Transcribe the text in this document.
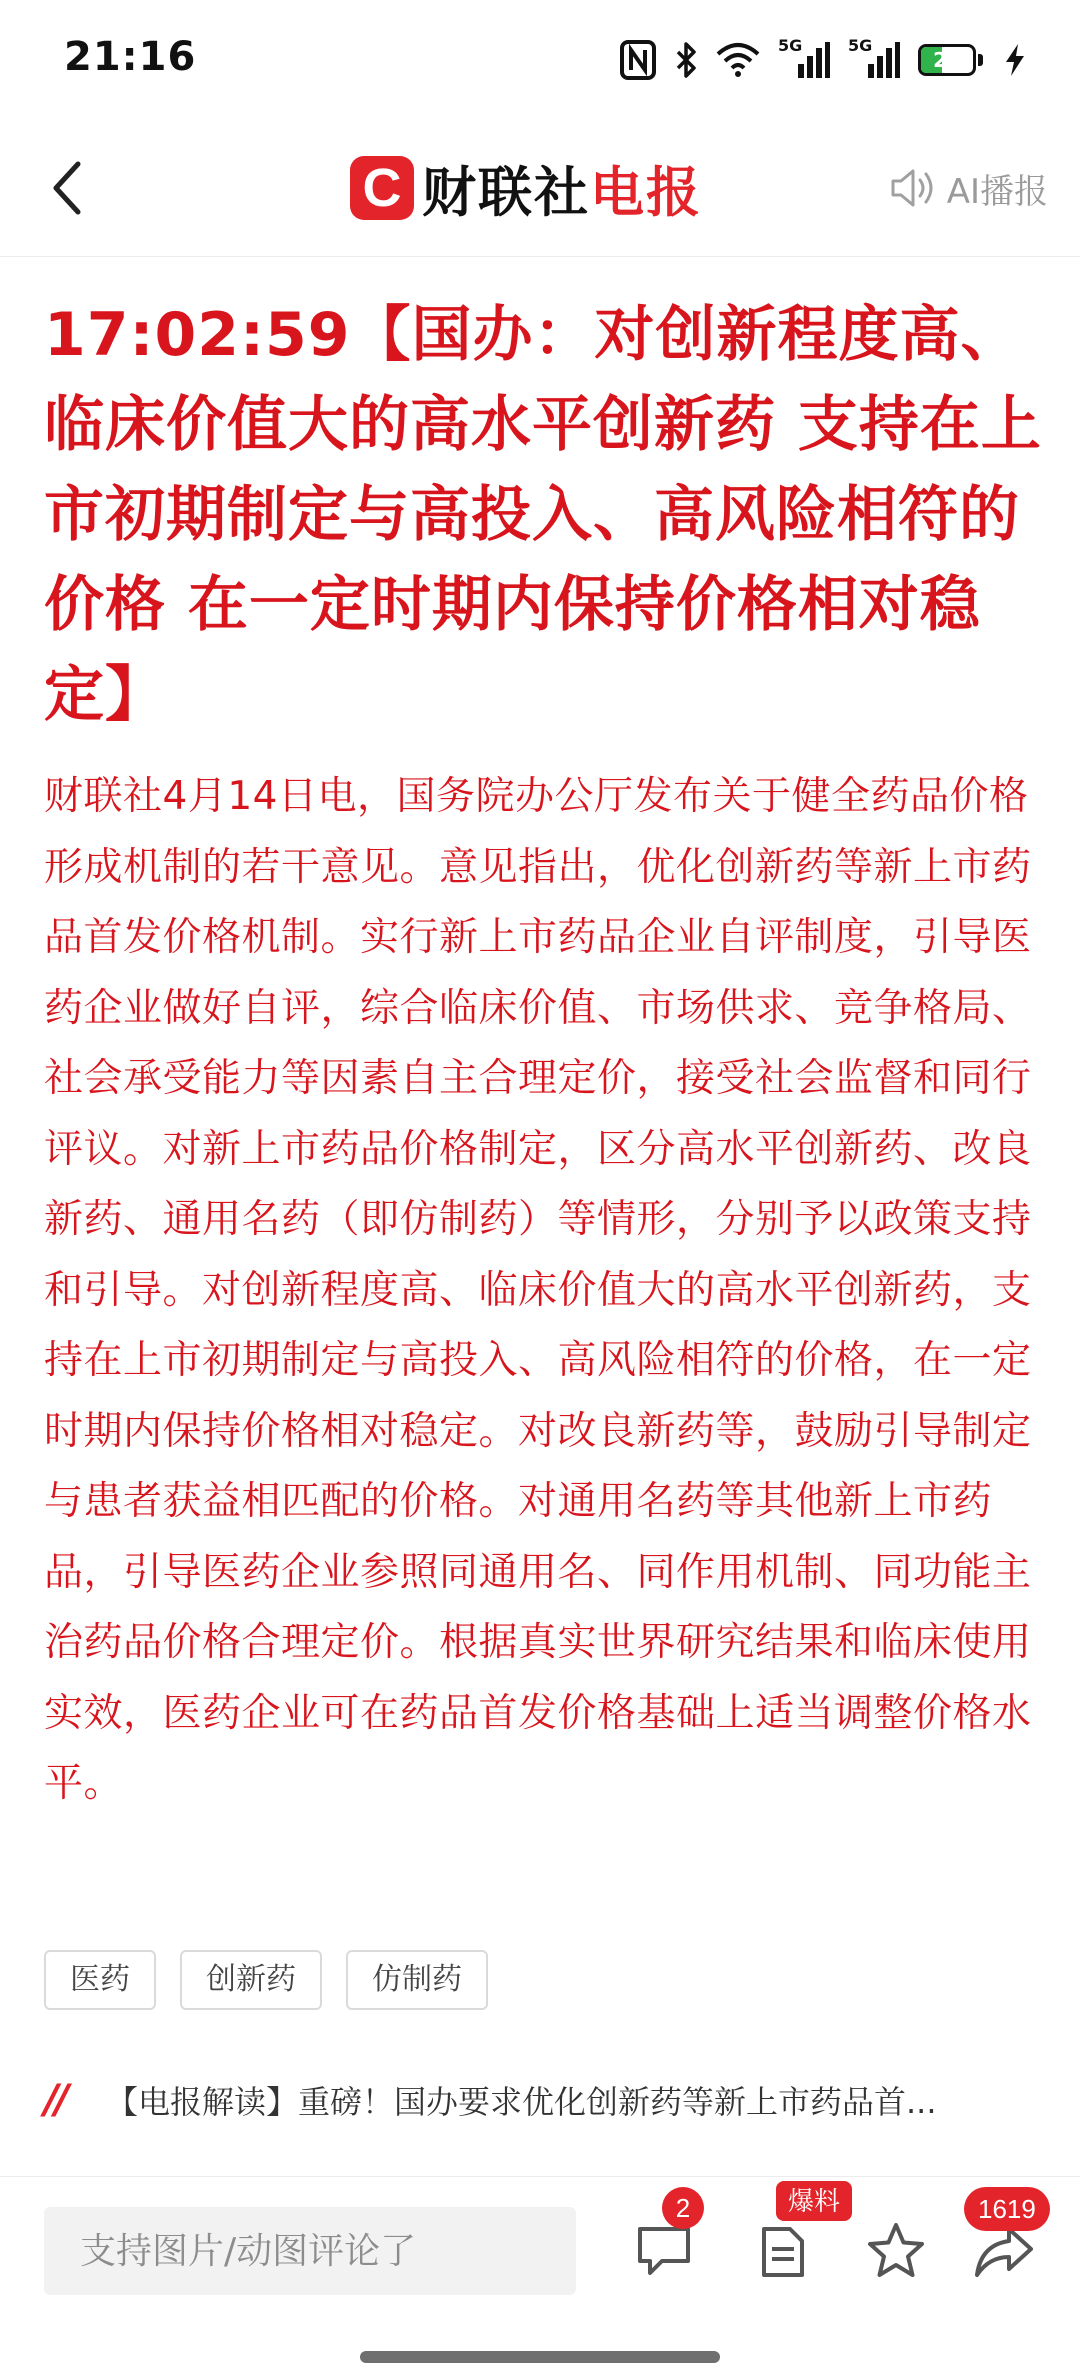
21:16	5G	5G
25
C 财联社电报	AI播报
17:02:59【国办：对创新程度高、临床价值大的高水平创新药 支持在上市初期制定与高投入、高风险相符的价格 在一定时期内保持价格相对稳定】

财联社4月14日电，国务院办公厅发布关于健全药品价格形成机制的若干意见。意见指出，优化创新药等新上市药品首发价格机制。实行新上市药品企业自评制度，引导医药企业做好自评，综合临床价值、市场供求、竞争格局、社会承受能力等因素自主合理定价，接受社会监督和同行评议。对新上市药品价格制定，区分高水平创新药、改良新药、通用名药（即仿制药）等情形，分别予以政策支持和引导。对创新程度高、临床价值大的高水平创新药，支持在上市初期制定与高投入、高风险相符的价格，在一定时期内保持价格相对稳定。对改良新药等，鼓励引导制定与患者获益相匹配的价格。对通用名药等其他新上市药品，引导医药企业参照同通用名、同作用机制、同功能主治药品价格合理定价。根据真实世界研究结果和临床使用实效，医药企业可在药品首发价格基础上适当调整价格水平。

医药	创新药	仿制药
//	【电报解读】重磅！国办要求优化创新药等新上市药品首...
支持图片/动图评论了
2	爆料	1619
